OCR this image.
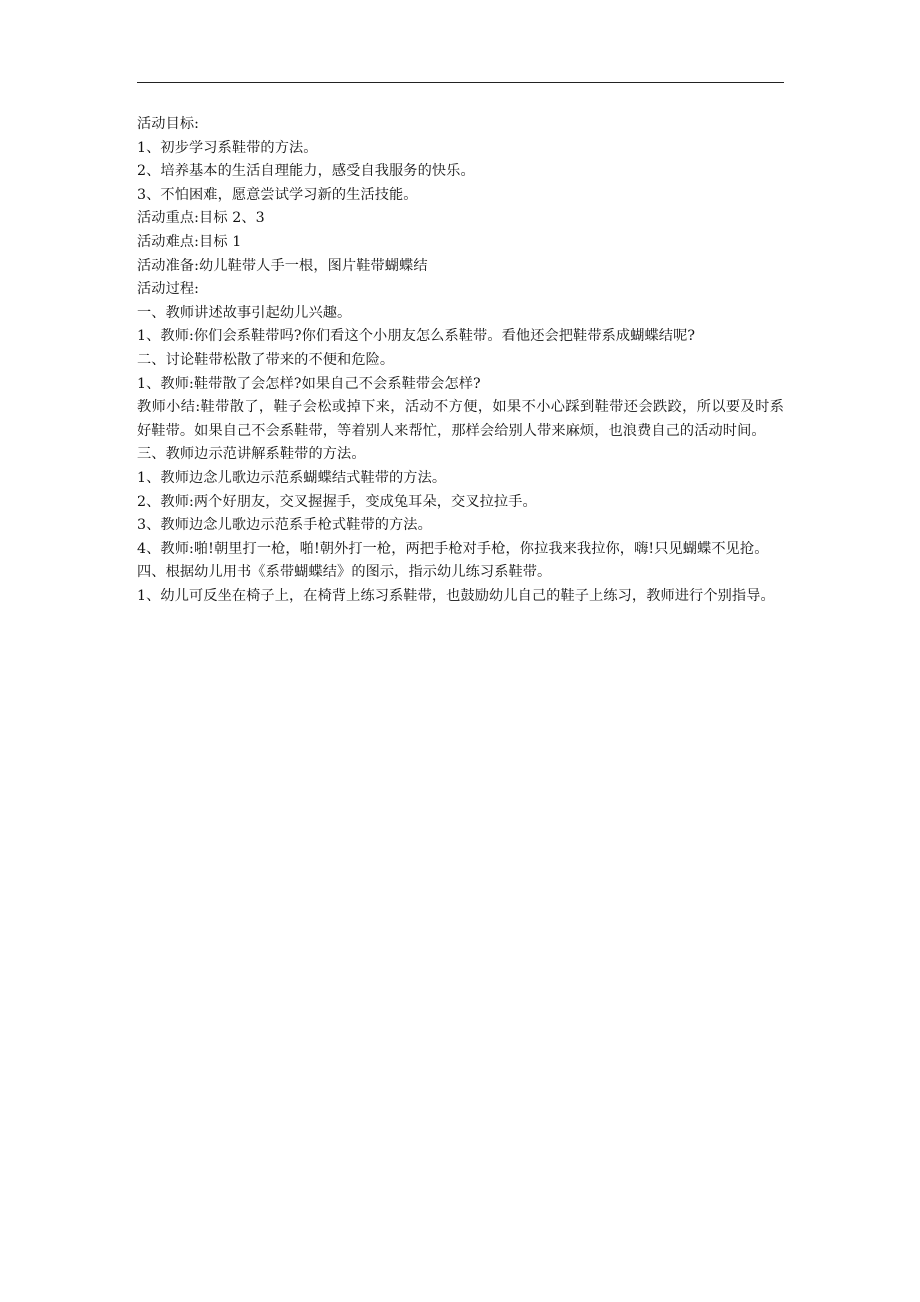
活动目标:
1、初步学习系鞋带的方法。
2、培养基本的生活自理能力，感受自我服务的快乐。
3、不怕困难，愿意尝试学习新的生活技能。
活动重点:目标 2、3
活动难点:目标 1
活动准备:幼儿鞋带人手一根，图片鞋带蝴蝶结
活动过程:
一、教师讲述故事引起幼儿兴趣。
1、教师:你们会系鞋带吗?你们看这个小朋友怎么系鞋带。看他还会把鞋带系成蝴蝶结呢?
二、讨论鞋带松散了带来的不便和危险。
1、教师:鞋带散了会怎样?如果自己不会系鞋带会怎样?
教师小结:鞋带散了，鞋子会松或掉下来，活动不方便，如果不小心踩到鞋带还会跌跤，所以要及时系好鞋带。如果自己不会系鞋带，等着别人来帮忙，那样会给别人带来麻烦，也浪费自己的活动时间。
三、教师边示范讲解系鞋带的方法。
1、教师边念儿歌边示范系蝴蝶结式鞋带的方法。
2、教师:两个好朋友，交叉握握手，变成兔耳朵，交叉拉拉手。
3、教师边念儿歌边示范系手枪式鞋带的方法。
4、教师:啪!朝里打一枪，啪!朝外打一枪，两把手枪对手枪，你拉我来我拉你，嗨!只见蝴蝶不见抢。
四、根据幼儿用书《系带蝴蝶结》的图示，指示幼儿练习系鞋带。
1、幼儿可反坐在椅子上，在椅背上练习系鞋带，也鼓励幼儿自己的鞋子上练习，教师进行个别指导。
